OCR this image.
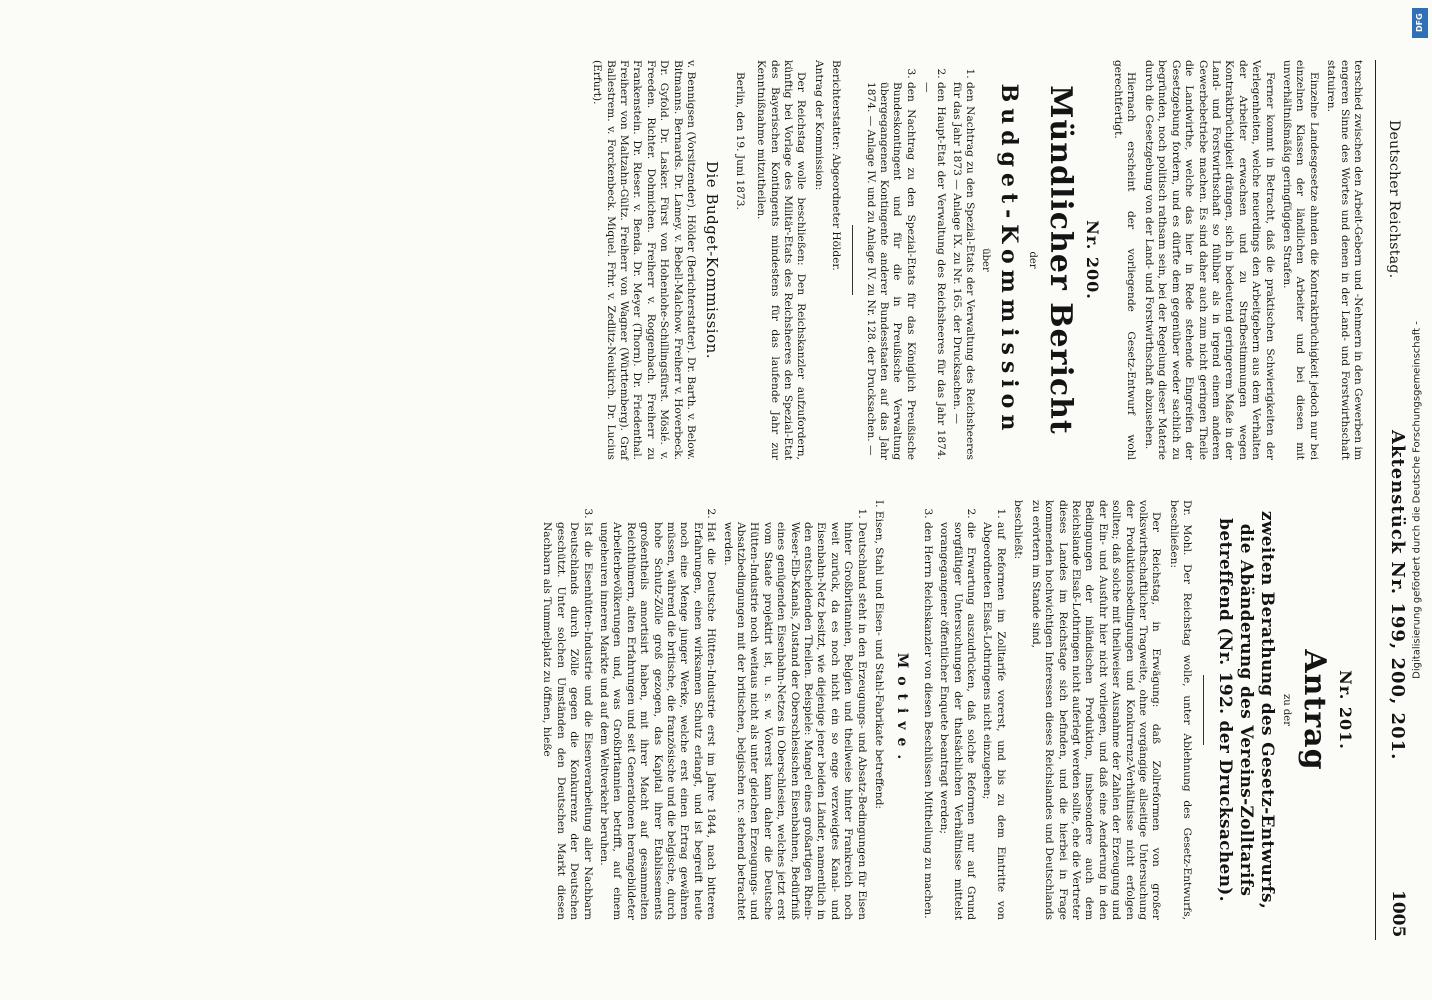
Deutscher Reichstag.
Aktenstück Nr. 199, 200, 201.
1005

terschied zwischen den Arbeit-Gebern und -Nehmern in den Gewerben im engeren Sinne des Wortes und denen in der Land- und Forstwirthschaft statuiren.

Einzelne Landesgesetze ahnden die Kontraktbrüchigkeit jedoch nur bei einzelnen Klassen der ländlichen Arbeiter und bei diesen mit unverhältnißmäßig geringfügigen Strafen.

Ferner kommt in Betracht, daß die praktischen Schwierigkeiten der Verlegenheiten, welche neuerdings den Arbeitgebern aus dem Verhalten der Arbeiter erwachsen und zu Strafbestimmungen wegen Kontraktbrüchigkeit drängen, sich in bedeutend geringerem Maße in der Land- und Forstwirthschaft so fühlbar als in irgend einem anderen Gewerbebetriebe machen. Es sind daher auch zum nicht geringen Theile die Landwirthe, welche das hier in Rede stehende Eingreifen der Gesetzgebung fordern, und es dürfte dem gegenüber weder sachlich zu begründen, noch politisch rathsam sein, bei der Regelung dieser Materie durch die Gesetzgebung von der Land- und Forstwirthschaft abzusehen.

Hiernach erscheint der vorliegende Gesetz-Entwurf wohl gerechtfertigt.

Nr. 200.
Mündlicher Bericht
der
Budget-Kommission
über
1. den Nachtrag zu den Spezial-Etats der Verwaltung des Reichsheeres für das Jahr 1873 — Anlage IX. zu Nr. 165. der Drucksachen. —
2. den Haupt-Etat der Verwaltung des Reichsheeres für das Jahr 1874. —
3. den Nachtrag zu den Spezial-Etats für das Königlich Preußische Bundeskontingent und für die in Preußische Verwaltung übergegangenen Kontingente anderer Bundesstaaten auf das Jahr 1874. — Anlage IV. und zu Anlage IV. zu Nr. 128. der Drucksachen. —

Berichterstatter: Abgeordneter Hölder.

Antrag der Kommission:

Der Reichstag wolle beschließen: Den Reichskanzler aufzufordern, künftig bei Vorlage des Militär-Etats des Reichsheeres den Spezial-Etat des Bayerischen Kontingents mindestens für das laufende Jahr zur Kenntnißnahme mitzutheilen.

Berlin, den 19. Juni 1873.

Die Budget-Kommission.

v. Bennigsen (Vorsitzender). Hölder (Berichterstatter). Dr. Barth. v. Below. Bitmanns. Bernards. Dr. Lamey. v. Bebell-Malchow. Freiherr v. Hoverbeck. Dr. Gyfold. Dr. Lasker. Fürst von Hohenlohe-Schillingsfürst. Möslé. v. Freeden. Richter. Dohmichen. Freiherr v. Roggenbach. Freiherr zu Frankenstein. Dr. Rieser. v. Benda. Dr. Meyer (Thorn). Dr. Friedenthal. Freiherr von Maltzahn-Gültz. Freiherr von Wagner (Württemberg). Graf Ballestrem. v. Forckenbeck. Miquel. Frhr. v. Zedlitz-Neukirch. Dr. Lucius (Erfurt).

Nr. 201.
Antrag
zu der
zweiten Berathung des Gesetz-Entwurfs, die Abänderung des Vereins-Zolltarifs betreffend (Nr. 192. der Drucksachen).

Dr. Mohl. Der Reichstag wolle, unter Ablehnung des Gesetz-Entwurfs, beschließen:

Der Reichstag, in Erwägung: daß Zollreformen von großer volkswirthschaftlicher Tragweite, ohne vorgängige allseitige Untersuchung der Produktionsbedingungen und Konkurrenz-Verhältnisse nicht erfolgen sollten; daß solche mit theilweiser Ausnahme der Zahlen der Erzeugung und der Ein- und Ausfuhr hier nicht vorliegen, und daß eine Aenderung in den Bedingungen der inländischen Produktion, insbesondere auch dem Reichslande Elsaß-Lothringen nicht auferlegt werden sollte, ehe die Vertreter dieses Landes im Reichstage sich befinden, und die hierbei in Frage kommenden hochwichtigen Interessen dieses Reichslandes und Deutschlands zu erörtern im Stande sind,

beschließt:

1. auf Reformen im Zolltarife vorerst, und bis zu dem Eintritte von Abgeordneten Elsaß-Lothringens nicht einzugehen;
2. die Erwartung auszudrücken, daß solche Reformen nur auf Grund sorgfältiger Untersuchungen der thatsächlichen Verhältnisse mittelst vorangegangener öffentlicher Enquete beantragt werden;
3. den Herrn Reichskanzler von diesen Beschlüssen Mittheilung zu machen.
Motive.

I. Eisen, Stahl und Eisen- und Stahl-Fabrikate betreffend:

1. Deutschland steht in den Erzeugungs- und Absatz-Bedingungen für Eisen hinter Großbritannien, Belgien und theilweise hinter Frankreich noch weit zurück, da es noch nicht ein so enge verzweigtes Kanal- und Eisenbahn-Netz besitzt, wie diejenige jener beiden Länder, namentlich in den entscheidenden Theilen. Beispiele: Mangel eines großartigen Rhein-Weser-Elb-Kanals, Zustand der Oberschlesischen Eisenbahnen, Bedürfniß eines genügenden Eisenbahn-Netzes in Oberschlesien, welches jetzt erst vom Staate projektirt ist, u. s. w. Vorerst kann daher die Deutsche Hütten-Industrie noch weitaus nicht als unter gleichen Erzeugungs- und Absatzbedingungen mit der britischen, belgischen rc. stehend betrachtet werden.
2. Hat die Deutsche Hütten-Industrie erst im Jahre 1844, nach bitteren Erfahrungen, einen wirksamen Schutz erlangt, und ist begreift heute noch eine Menge junger Werke, welche erst einen Ertrag gewähren müssen, während die britische, die französische und die belgische, durch hohe Schutz-Zölle groß gezogen, das Kapital ihrer Etablissements großentheils amortisirt haben, mit ihrer Macht auf gesammelten Reichthümern, alten Erfahrungen und seit Generationen herangebildeter Arbeiterbevölkerungen und, was Großbritannien betrifft, auf einem ungeheuren inneren Markte und auf dem Weltverkehr beruhen.
3. Ist die Eisenhütten-Industrie und die Eisenverarbeitung aller Nachbarn Deutschlands durch Zölle gegen die Konkurrenz der Deutschen geschützt. Unter solchen Umständen den Deutschen Markt diesen Nachbarn als Tummelplatz zu öffnen, hieße	Digitalisierung gefördert durch die Deutsche Forschungsgemeinschaft -
DFG
